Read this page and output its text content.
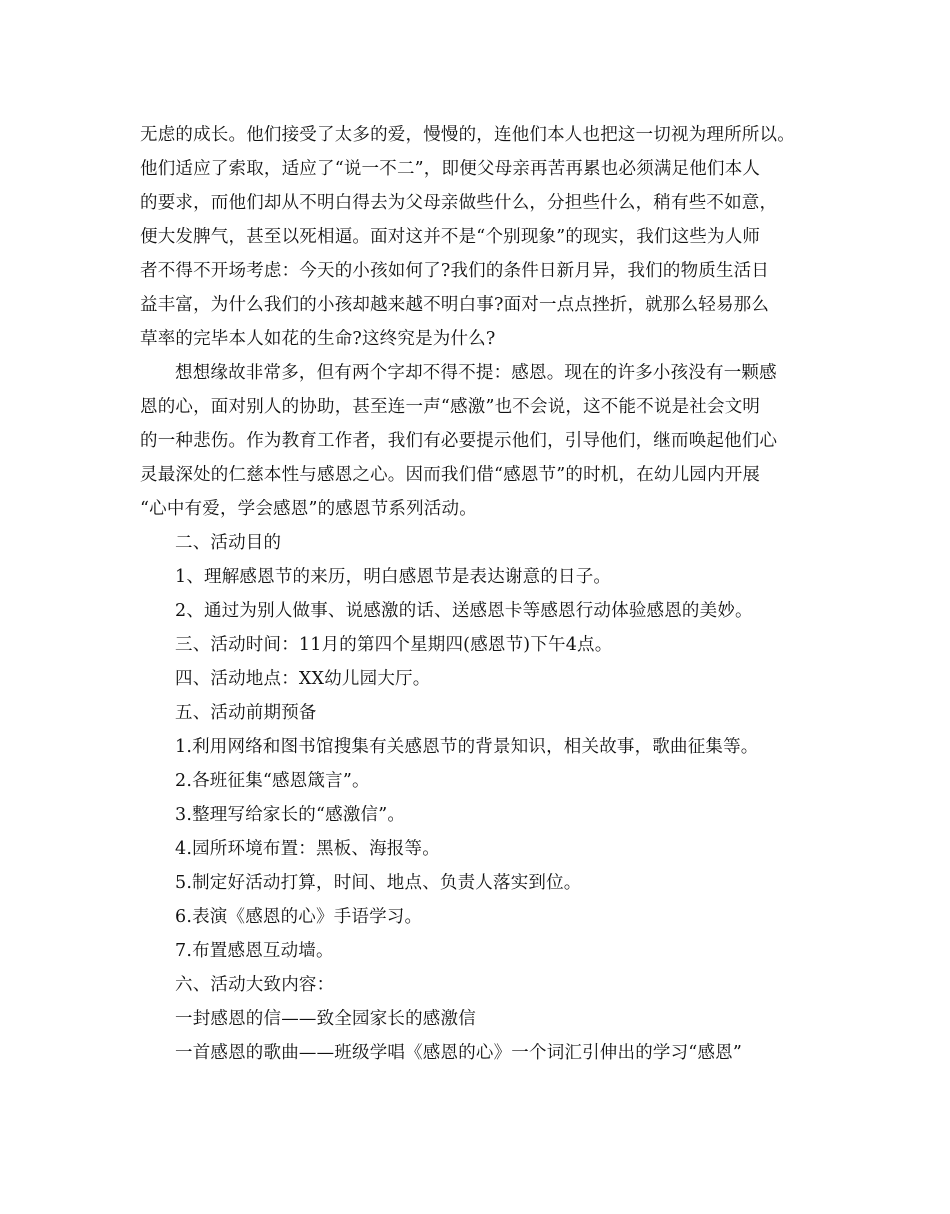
无虑的成长。他们接受了太多的爱，慢慢的，连他们本人也把这一切视为理所所以。
他们适应了索取，适应了“说一不二”，即便父母亲再苦再累也必须满足他们本人
的要求，而他们却从不明白得去为父母亲做些什么，分担些什么，稍有些不如意，
便大发脾气，甚至以死相逼。面对这并不是“个别现象”的现实，我们这些为人师
者不得不开场考虑：今天的小孩如何了?我们的条件日新月异，我们的物质生活日
益丰富，为什么我们的小孩却越来越不明白事?面对一点点挫折，就那么轻易那么
草率的完毕本人如花的生命?这终究是为什么?
想想缘故非常多，但有两个字却不得不提：感恩。现在的许多小孩没有一颗感
恩的心，面对别人的协助，甚至连一声“感激”也不会说，这不能不说是社会文明
的一种悲伤。作为教育工作者，我们有必要提示他们，引导他们，继而唤起他们心
灵最深处的仁慈本性与感恩之心。因而我们借“感恩节”的时机，在幼儿园内开展
“心中有爱，学会感恩”的感恩节系列活动。
二、活动目的
1、理解感恩节的来历，明白感恩节是表达谢意的日子。
2、通过为别人做事、说感激的话、送感恩卡等感恩行动体验感恩的美妙。
三、活动时间：11月的第四个星期四(感恩节)下午4点。
四、活动地点：XX幼儿园大厅。
五、活动前期预备
1.利用网络和图书馆搜集有关感恩节的背景知识，相关故事，歌曲征集等。
2.各班征集“感恩箴言”。
3.整理写给家长的“感激信”。
4.园所环境布置：黑板、海报等。
5.制定好活动打算，时间、地点、负责人落实到位。
6.表演《感恩的心》手语学习。
7.布置感恩互动墙。
六、活动大致内容：
一封感恩的信——致全园家长的感激信
一首感恩的歌曲——班级学唱《感恩的心》一个词汇引伸出的学习“感恩”
